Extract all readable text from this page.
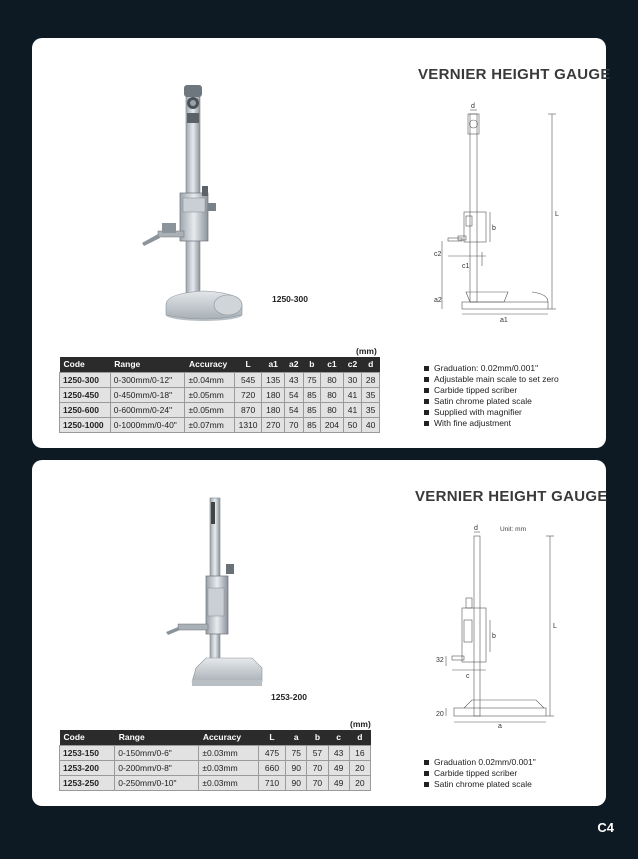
VERNIER HEIGHT GAUGE
1250-300
d
L
b
c2
c1
a2
a1
(mm)
Code	Range	Accuracy	L	a1	a2	b	c1	c2	d
1250-300	0-300mm/0-12"	±0.04mm	545	135	43	75	80	30	28
1250-450	0-450mm/0-18"	±0.05mm	720	180	54	85	80	41	35
1250-600	0-600mm/0-24"	±0.05mm	870	180	54	85	80	41	35
1250-1000	0-1000mm/0-40"	±0.07mm	1310	270	70	85	204	50	40
Graduation: 0.02mm/0.001"
Adjustable main scale to set zero
Carbide tipped scriber
Satin chrome plated scale
Supplied with magnifier
With fine adjustment
VERNIER HEIGHT GAUGE
1253-200
d
L
b
32
c
20
a
Unit: mm
(mm)
Code	Range	Accuracy	L	a	b	c	d
1253-150	0-150mm/0-6"	±0.03mm	475	75	57	43	16
1253-200	0-200mm/0-8"	±0.03mm	660	90	70	49	20
1253-250	0-250mm/0-10"	±0.03mm	710	90	70	49	20
Graduation 0.02mm/0.001"
Carbide tipped scriber
Satin chrome plated scale
C4
